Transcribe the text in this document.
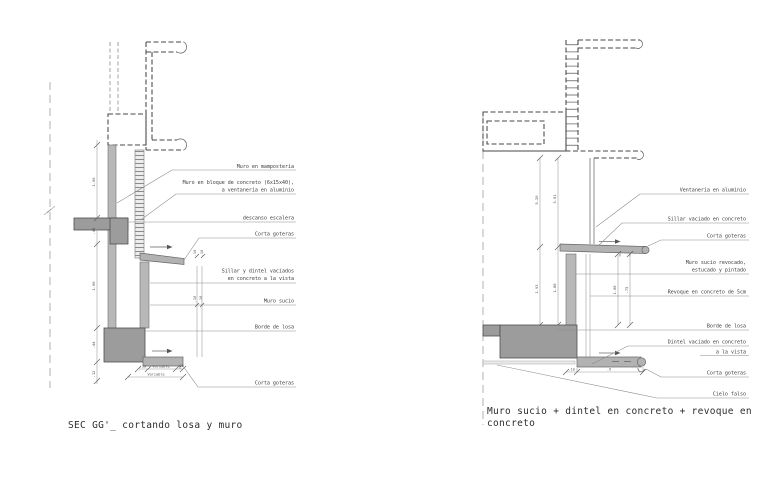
.10 .10
1.00
.43
1.06
.44
.12
.10 Variable .05
Variable
Muro en mampostería
Muro en bloque de concreto (6x15x40),
a ventanería en aluminio
descanso escalera
Corta goteras
Sillar y dintel vaciados
en concreto a la vista
.10 .10	Muro sucio
Borde de losa
Corta goteras
SEC GG'_ cortando losa y muro
5.20	3.61
1.93	1.88	1.68 .75
.10	.9
Ventanería en aluminio
Sillar vaciado en concreto
Corta goteras
Muro sucio revocado,
estucado y pintado
Revoque en concreto de 5cm
Borde de losa
Dintel vaciado en concreto
a la vista
Corta goteras
Cielo falso
Muro sucio + dintel en concreto + revoque en
concreto
